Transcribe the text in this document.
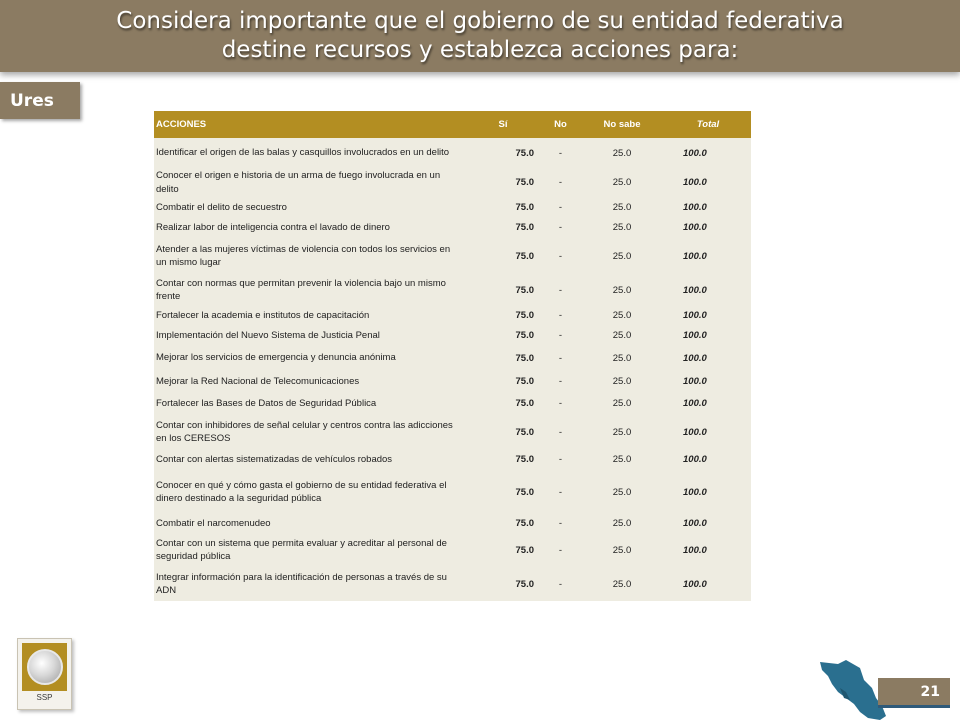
Considera importante que el gobierno de su entidad federativa
destine recursos y establezca acciones para:
Ures
ACCIONES	Sí	No	No sabe	Total
Identificar el origen de las balas y casquillos involucrados en un delito	75.0	-	25.0	100.0
Conocer el origen e historia de un arma de fuego involucrada en un delito	75.0	-	25.0	100.0
Combatir el delito de secuestro	75.0	-	25.0	100.0
Realizar labor de inteligencia contra el lavado de dinero	75.0	-	25.0	100.0
Atender a las mujeres víctimas de violencia con todos los servicios en un mismo lugar	75.0	-	25.0	100.0
Contar con normas que permitan prevenir la violencia bajo un mismo frente	75.0	-	25.0	100.0
Fortalecer la academia e institutos de capacitación	75.0	-	25.0	100.0
Implementación del Nuevo Sistema de Justicia Penal	75.0	-	25.0	100.0
Mejorar los servicios de emergencia y denuncia anónima	75.0	-	25.0	100.0
Mejorar la Red Nacional de Telecomunicaciones	75.0	-	25.0	100.0
Fortalecer las Bases de Datos de Seguridad Pública	75.0	-	25.0	100.0
Contar con inhibidores de señal celular y centros contra las adicciones en los CERESOS	75.0	-	25.0	100.0
Contar con alertas sistematizadas de vehículos robados	75.0	-	25.0	100.0
Conocer en qué y cómo gasta el gobierno de su entidad federativa el dinero destinado a la seguridad pública	75.0	-	25.0	100.0
Combatir el narcomenudeo	75.0	-	25.0	100.0
Contar con un sistema que permita evaluar y acreditar al personal de seguridad pública	75.0	-	25.0	100.0
Integrar información para la identificación de personas a través de su ADN	75.0	-	25.0	100.0
SSP	21
